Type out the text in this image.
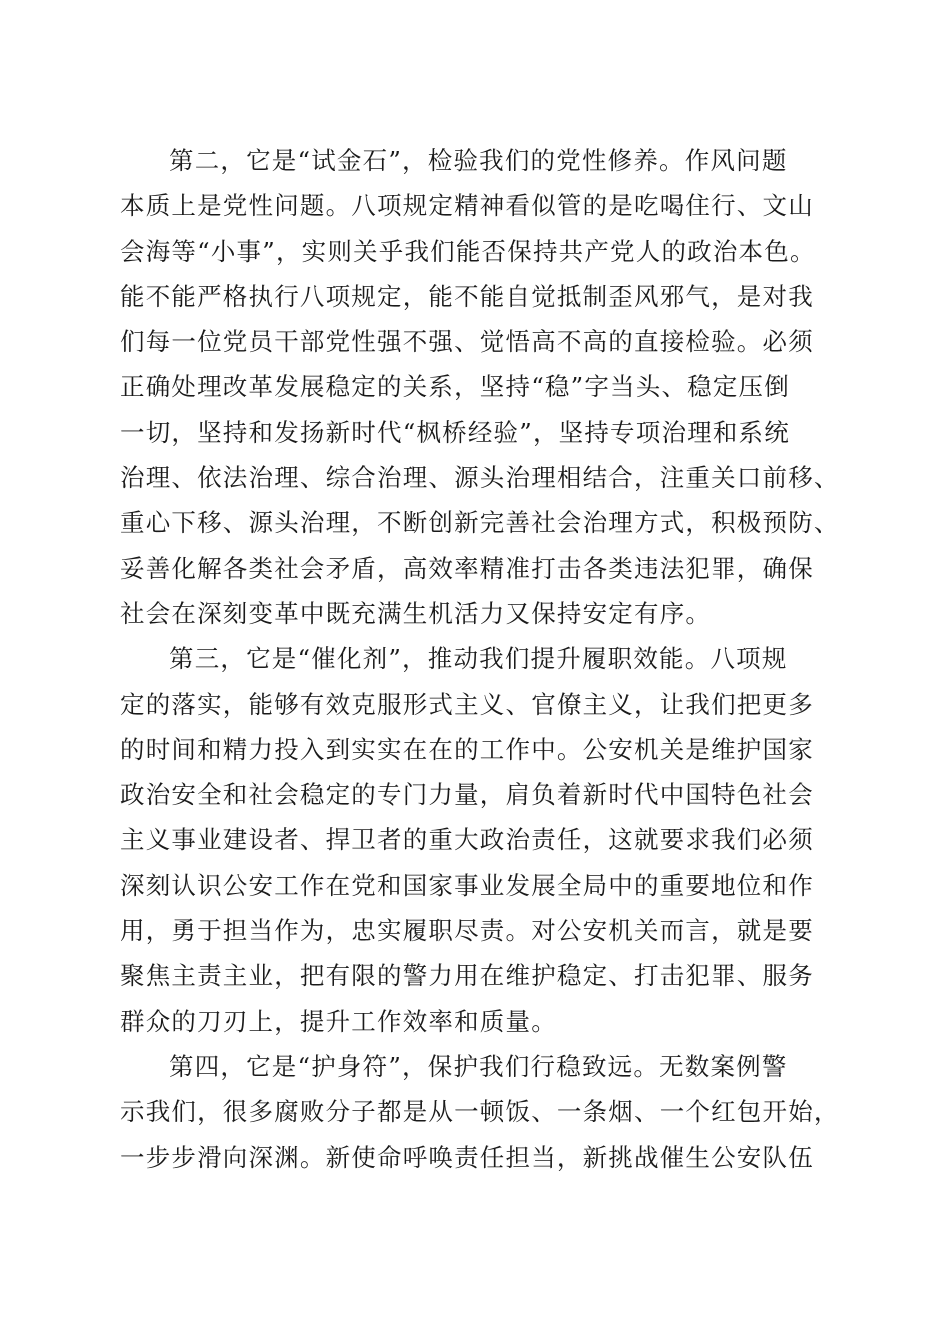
第二，它是“试金石”，检验我们的党性修养。作风问题
本质上是党性问题。八项规定精神看似管的是吃喝住行、文山
会海等“小事”，实则关乎我们能否保持共产党人的政治本色。
能不能严格执行八项规定，能不能自觉抵制歪风邪气，是对我
们每一位党员干部党性强不强、觉悟高不高的直接检验。必须
正确处理改革发展稳定的关系，坚持“稳”字当头、稳定压倒
一切，坚持和发扬新时代“枫桥经验”，坚持专项治理和系统
治理、依法治理、综合治理、源头治理相结合，注重关口前移、
重心下移、源头治理，不断创新完善社会治理方式，积极预防、
妥善化解各类社会矛盾，高效率精准打击各类违法犯罪，确保
社会在深刻变革中既充满生机活力又保持安定有序。

第三，它是“催化剂”，推动我们提升履职效能。八项规
定的落实，能够有效克服形式主义、官僚主义，让我们把更多
的时间和精力投入到实实在在的工作中。公安机关是维护国家
政治安全和社会稳定的专门力量，肩负着新时代中国特色社会
主义事业建设者、捍卫者的重大政治责任，这就要求我们必须
深刻认识公安工作在党和国家事业发展全局中的重要地位和作
用，勇于担当作为，忠实履职尽责。对公安机关而言，就是要
聚焦主责主业，把有限的警力用在维护稳定、打击犯罪、服务
群众的刀刃上，提升工作效率和质量。

第四，它是“护身符”，保护我们行稳致远。无数案例警
示我们，很多腐败分子都是从一顿饭、一条烟、一个红包开始，
一步步滑向深渊。新使命呼唤责任担当，新挑战催生公安队伍
